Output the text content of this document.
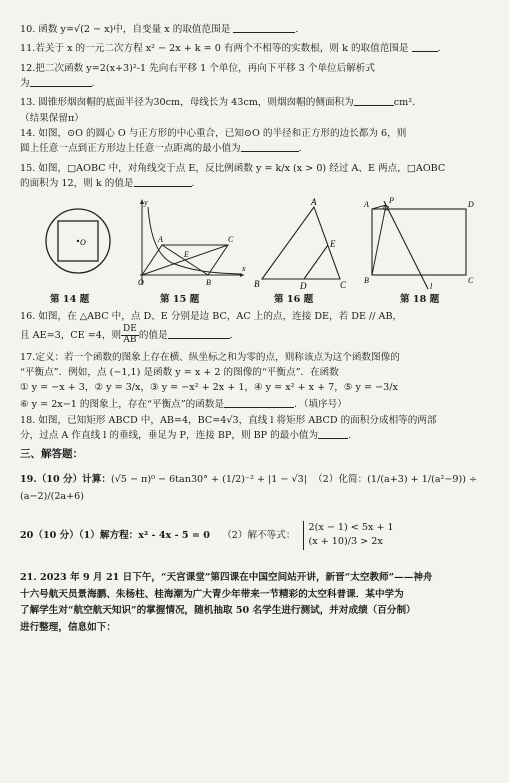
10. 函数 y=√(2 − x)中，自变量 x 的取值范围是	.

11.若关于 x 的一元二次方程 x² − 2x + k = 0 有两个不相等的实数根，则 k 的取值范围是	.

12.把二次函数 y=2(x+3)²-1 先向右平移 1 个单位，再向下平移 3 个单位后解析式
为	.

13. 圆锥形烟囱帽的底面半径为30cm，母线长为 43cm，则烟囱帽的侧面积为	cm².
（结果保留π）

14. 如图，⊙O 的圆心 O 与正方形的中心重合，已知⊙O 的半径和正方形的边长都为 6，则
圆上任意一点到正方形边上任意一点距离的最小值为	.

15. 如图，□AOBC 中，对角线交于点 E，反比例函数 y = k/x (x > 0) 经过 A、E 两点，□AOBC
的面积为 12，则 k 的值是	.

O	A	C
E
y
x
O	B
A
E
B	D	C
A	P	D
B	C
l
第 14 题	第 15 题	第 16 题	第 18 题

16. 如图，在 △ABC 中，点 D、E 分别是边 BC，AC 上的点，连接 DE，若 DE // AB，
且 AE=3，CE =4，则 $\frac{DE}{AB}$ 的值是	.

17.定义：若一个函数的图象上存在横、纵坐标之和为零的点，则称该点为这个函数图像的
“平衡点”．例如，点 (−1,1) 是函数 y = x + 2 的图像的“平衡点”．在函数

① y = −x + 3，② y = 3/x，③ y = −x² + 2x + 1，④ y = x² + x + 7，⑤ y = −3/x
⑥ y = 2x−1 的图象上，存在“平衡点”的函数是	．（填序号）

18. 如图，已知矩形 ABCD 中，AB=4，BC=4√3，直线 l 将矩形 ABCD 的面积分成相等的两部
分，过点 A 作直线 l 的垂线，垂足为 P，连接 BP，则 BP 的最小值为	.

三、解答题：
19.（10 分）计算：(√5 − π)⁰ − 6tan30° + (1/2)⁻² + |1 − √3| （2）化简：(1/(a+3) + 1/(a²−9)) ÷ (a−2)/(2a+6)
20（10 分）（1）解方程：x² - 4x - 5 = 0 （2）解不等式：
2(x − 1) < 5x + 1
(x + 10)/3 > 2x
21. 2023 年 9 月 21 日下午，“天宫课堂”第四课在中国空间站开讲，新晋“太空教师”——神舟
十六号航天员景海鹏、朱杨柱、桂海潮为广大青少年带来一节精彩的太空科普课．某中学为
了解学生对“航空航天知识”的掌握情况，随机抽取 50 名学生进行测试，并对成绩（百分制）
进行整理，信息如下：
